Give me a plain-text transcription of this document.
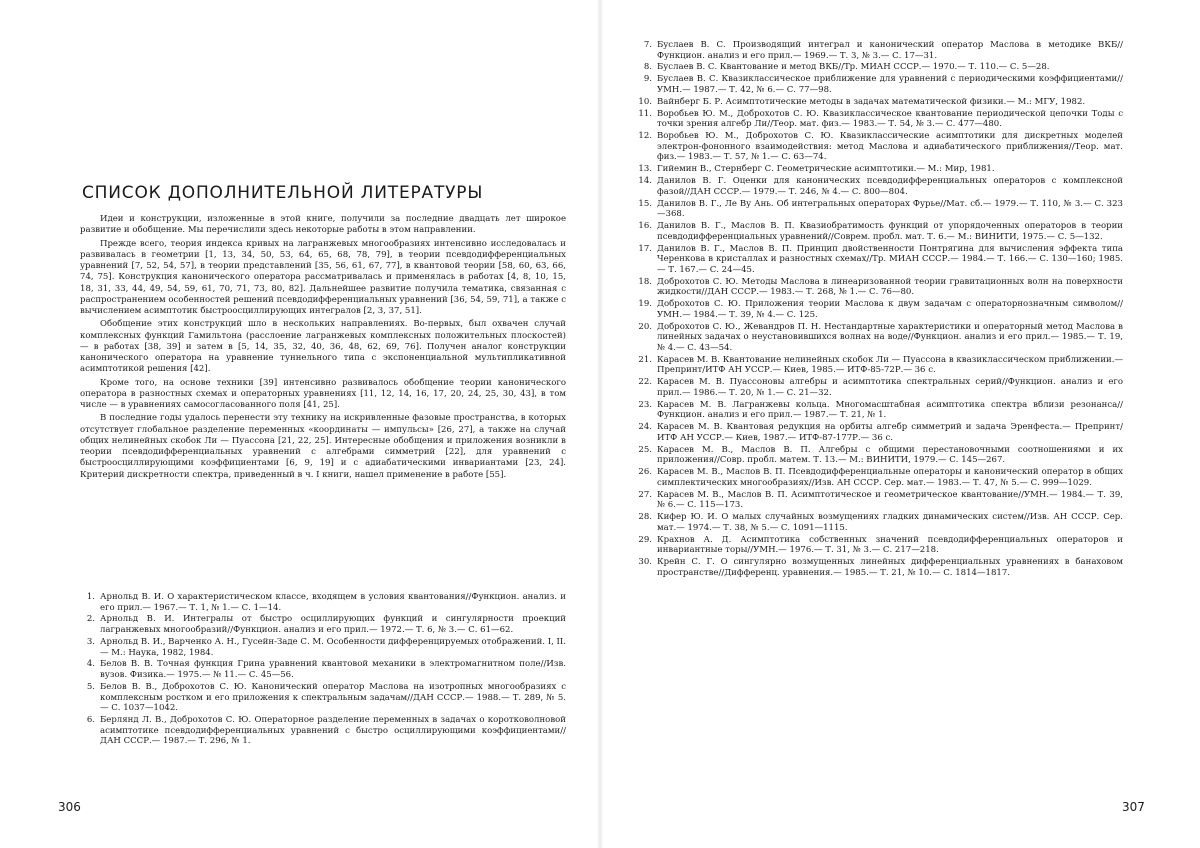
СПИСОК ДОПОЛНИТЕЛЬНОЙ ЛИТЕРАТУРЫ

Идеи и конструкции, изложенные в этой книге, получили за последние двадцать лет широкое развитие и обобщение. Мы перечислили здесь некоторые работы в этом направлении.

Прежде всего, теория индекса кривых на лагранжевых многообразиях интенсивно исследовалась и развивалась в геометрии [1, 13, 34, 50, 53, 64, 65, 68, 78, 79], в теории псевдодифференциальных уравнений [7, 52, 54, 57], в теории представлений [35, 56, 61, 67, 77], в квантовой теории [58, 60, 63, 66, 74, 75]. Конструкция канонического оператора рассматривалась и применялась в работах [4, 8, 10, 15, 18, 31, 33, 44, 49, 54, 59, 61, 70, 71, 73, 80, 82]. Дальнейшее развитие получила тематика, связанная с распространением особенностей решений псевдодифференциальных уравнений [36, 54, 59, 71], а также с вычислением асимптотик быстроосциллирующих интегралов [2, 3, 37, 51].

Обобщение этих конструкций шло в нескольких направлениях. Во-первых, был охвачен случай комплексных функций Гамильтона (расслоение лагранжевых комплексных положительных плоскостей) — в работах [38, 39] и затем в [5, 14, 35, 32, 40, 36, 48, 62, 69, 76]. Получен аналог конструкции канонического оператора на уравнение туннельного типа с экспоненциальной мультипликативной асимптотикой решения [42].

Кроме того, на основе техники [39] интенсивно развивалось обобщение теории канонического оператора в разностных схемах и операторных уравнениях [11, 12, 14, 16, 17, 20, 24, 25, 30, 43], в том числе — в уравнениях самосогласованного поля [41, 25].

В последние годы удалось перенести эту технику на искривленные фазовые пространства, в которых отсутствует глобальное разделение переменных «координаты — импульсы» [26, 27], а также на случай общих нелинейных скобок Ли — Пуассона [21, 22, 25]. Интересные обобщения и приложения возникли в теории псевдодифференциальных уравнений с алгебрами симметрий [22], для уравнений с быстроосциллирующими коэффициентами [6, 9, 19] и с адиабатическими инвариантами [23, 24]. Критерий дискретности спектра, приведенный в ч. I книги, нашел применение в работе [55].

1. Арнольд В. И. О характеристическом классе, входящем в условия квантования//Функцион. анализ. и его прил.— 1967.— Т. 1, № 1.— С. 1—14.
2. Арнольд В. И. Интегралы от быстро осциллирующих функций и сингулярности проекций лагранжевых многообразий//Функцион. анализ и его прил.— 1972.— Т. 6, № 3.— С. 61—62.
3. Арнольд В. И., Варченко А. Н., Гусейн-Заде С. М. Особенности дифференцируемых отображений. I, II.— М.: Наука, 1982, 1984.
4. Белов В. В. Точная функция Грина уравнений квантовой механики в электромагнитном поле//Изв. вузов. Физика.— 1975.— № 11.— С. 45—56.
5. Белов В. В., Доброхотов С. Ю. Канонический оператор Маслова на изотропных многообразиях с комплексным ростком и его приложения к спектральным задачам//ДАН СССР.— 1988.— Т. 289, № 5.— С. 1037—1042.
6. Берлянд Л. В., Доброхотов С. Ю. Операторное разделение переменных в задачах о коротковолновой асимптотике псевдодифференциальных уравнений с быстро осциллирующими коэффициентами//ДАН СССР.— 1987.— Т. 296, № 1.
306
7. Буслаев В. С. Производящий интеграл и канонический оператор Маслова в методике ВКБ//Функцион. анализ и его прил.— 1969.— Т. 3, № 3.— С. 17—31.
8. Буслаев В. С. Квантование и метод ВКБ//Тр. МИАН СССР.— 1970.— Т. 110.— С. 5—28.
9. Буслаев В. С. Квазиклассическое приближение для уравнений с периодическими коэффициентами//УМН.— 1987.— Т. 42, № 6.— С. 77—98.
10. Вайнберг Б. Р. Асимптотические методы в задачах математической физики.— М.: МГУ, 1982.
11. Воробьев Ю. М., Доброхотов С. Ю. Квазиклассическое квантование периодической цепочки Тоды с точки зрения алгебр Ли//Теор. мат. физ.— 1983.— Т. 54, № 3.— С. 477—480.
12. Воробьев Ю. М., Доброхотов С. Ю. Квазиклассические асимптотики для дискретных моделей электрон-фононного взаимодействия: метод Маслова и адиабатического приближения//Теор. мат. физ.— 1983.— Т. 57, № 1.— С. 63—74.
13. Гийемин В., Стернберг С. Геометрические асимптотики.— М.: Мир, 1981.
14. Данилов В. Г. Оценки для канонических псевдодифференциальных операторов с комплексной фазой//ДАН СССР.— 1979.— Т. 246, № 4.— С. 800—804.
15. Данилов В. Г., Ле Ву Ань. Об интегральных операторах Фурье//Мат. сб.— 1979.— Т. 110, № 3.— С. 323—368.
16. Данилов В. Г., Маслов В. П. Квазиобратимость функций от упорядоченных операторов в теории псевдодифференциальных уравнений//Соврем. пробл. мат. Т. 6.— М.: ВИНИТИ, 1975.— С. 5—132.
17. Данилов В. Г., Маслов В. П. Принцип двойственности Понтрягина для вычисления эффекта типа Черенкова в кристаллах и разностных схемах//Тр. МИАН СССР.— 1984.— Т. 166.— С. 130—160; 1985.— Т. 167.— С. 24—45.
18. Доброхотов С. Ю. Методы Маслова в линеаризованной теории гравитационных волн на поверхности жидкости//ДАН СССР.— 1983.— Т. 268, № 1.— С. 76—80.
19. Доброхотов С. Ю. Приложения теории Маслова к двум задачам с операторнозначным символом//УМН.— 1984.— Т. 39, № 4.— С. 125.
20. Доброхотов С. Ю., Жевандров П. Н. Нестандартные характеристики и операторный метод Маслова в линейных задачах о неустановившихся волнах на воде//Функцион. анализ и его прил.— 1985.— Т. 19, № 4.— С. 43—54.
21. Карасев М. В. Квантование нелинейных скобок Ли — Пуассона в квазиклассическом приближении.— Препринт/ИТФ АН УССР.— Киев, 1985.— ИТФ-85-72Р.— 36 с.
22. Карасев М. В. Пуассоновы алгебры и асимптотика спектральных серий//Функцион. анализ и его прил.— 1986.— Т. 20, № 1.— С. 21—32.
23. Карасев М. В. Лагранжевы кольца. Многомасштабная асимптотика спектра вблизи резонанса//Функцион. анализ и его прил.— 1987.— Т. 21, № 1.
24. Карасев М. В. Квантовая редукция на орбиты алгебр симметрий и задача Эренфеста.— Препринт/ИТФ АН УССР.— Киев, 1987.— ИТФ-87-177Р.— 36 с.
25. Карасев М. В., Маслов В. П. Алгебры с общими перестановочными соотношениями и их приложения//Совр. пробл. матем. Т. 13.— М.: ВИНИТИ, 1979.— С. 145—267.
26. Карасев М. В., Маслов В. П. Псевдодифференциальные операторы и канонический оператор в общих симплектических многообразиях//Изв. АН СССР. Сер. мат.— 1983.— Т. 47, № 5.— С. 999—1029.
27. Карасев М. В., Маслов В. П. Асимптотическое и геометрическое квантование//УМН.— 1984.— Т. 39, № 6.— С. 115—173.
28. Кифер Ю. И. О малых случайных возмущениях гладких динамических систем//Изв. АН СССР. Сер. мат.— 1974.— Т. 38, № 5.— С. 1091—1115.
29. Крахнов А. Д. Асимптотика собственных значений псевдодифференциальных операторов и инвариантные торы//УМН.— 1976.— Т. 31, № 3.— С. 217—218.
30. Крейн С. Г. О сингулярно возмущенных линейных дифференциальных уравнениях в банаховом пространстве//Дифференц. уравнения.— 1985.— Т. 21, № 10.— С. 1814—1817.
307
